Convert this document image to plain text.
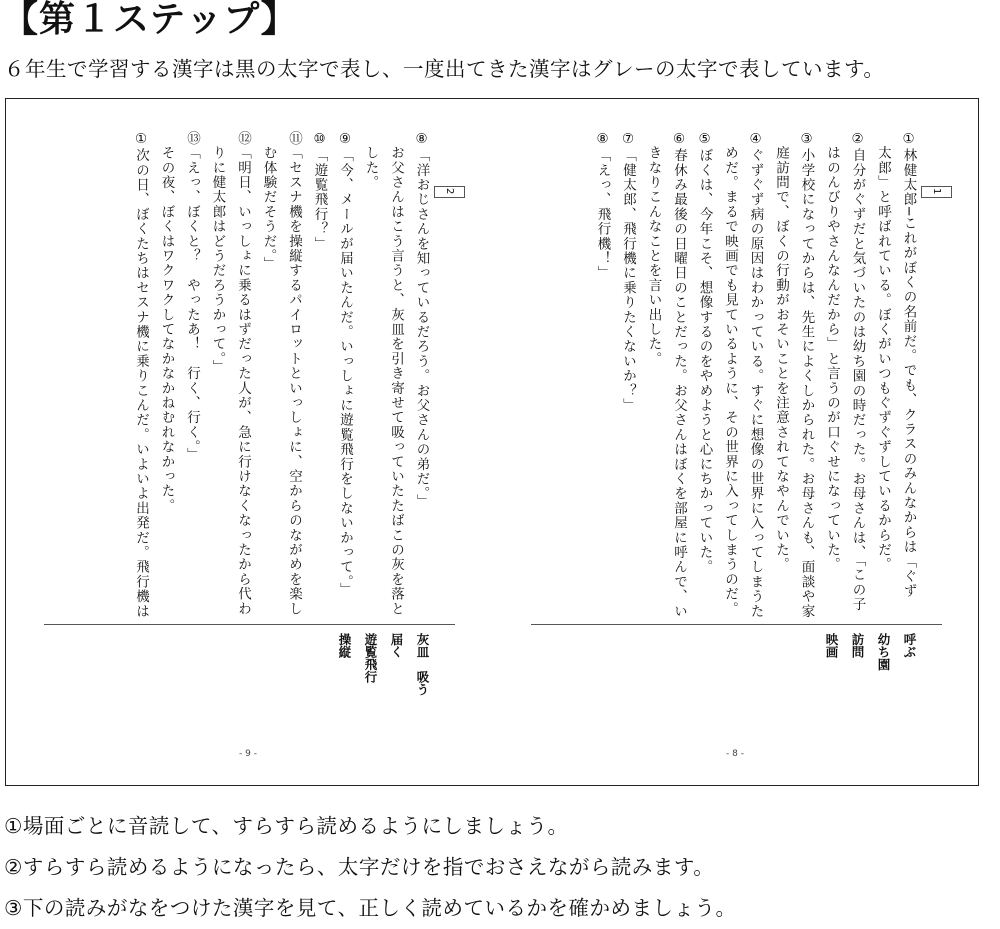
【第１ステップ】
６年生で学習する漢字は黒の太字で表し、一度出てきた漢字はグレーの太字で表しています。
2
⑧「洋おじさんを知っているだろう。お父さんの弟だ。」
　お父さんはこう言うと、灰皿を引き寄せて吸っていたたばこの灰を落と
　した。
⑨「今、メールが届いたんだ。いっしょに遊覧飛行をしないかって。」
⑩「遊覧飛行？」
⑪「セスナ機を操縦するパイロットといっしょに、空からのながめを楽し
　む体験だそうだ。」
⑫「明日、いっしょに乗るはずだった人が、急に行けなくなったから代わ
　りに健太郎はどうだろうかって。」
⑬「えっ、ぼくと？　やったあ！　行く、行く。」
　その夜、ぼくはワクワクしてなかなかねむれなかった。
①次の日、ぼくたちはセスナ機に乗りこんだ。いよいよ出発だ。飛行機は
灰皿　吸う
届く
遊覧飛行
操縦
- 9 -
1
①林健太郎─これがぼくの名前だ。でも、クラスのみんなからは「ぐず
　太郎」と呼ばれている。ぼくがいつもぐずぐずしているからだ。
②自分がぐずだと気づいたのは幼ち園の時だった。お母さんは、「この子
　はのんびりやさんなんだから」と言うのが口ぐせになっていた。
③小学校になってからは、先生によくしかられた。お母さんも、面談や家
　庭訪問で、ぼくの行動がおそいことを注意されてなやんでいた。
④ぐずぐず病の原因はわかっている。すぐに想像の世界に入ってしまうた
　めだ。まるで映画でも見ているように、その世界に入ってしまうのだ。
⑤ぼくは、今年こそ、想像するのをやめようと心にちかっていた。
⑥春休み最後の日曜日のことだった。お父さんはぼくを部屋に呼んで、い
　きなりこんなことを言い出した。
⑦「健太郎、飛行機に乗りたくないか？」
⑧「えっ、飛行機！」
呼ぶ
幼ち園
訪問
映画
- 8 -
①場面ごとに音読して、すらすら読めるようにしましょう。
②すらすら読めるようになったら、太字だけを指でおさえながら読みます。
③下の読みがなをつけた漢字を見て、正しく読めているかを確かめましょう。
